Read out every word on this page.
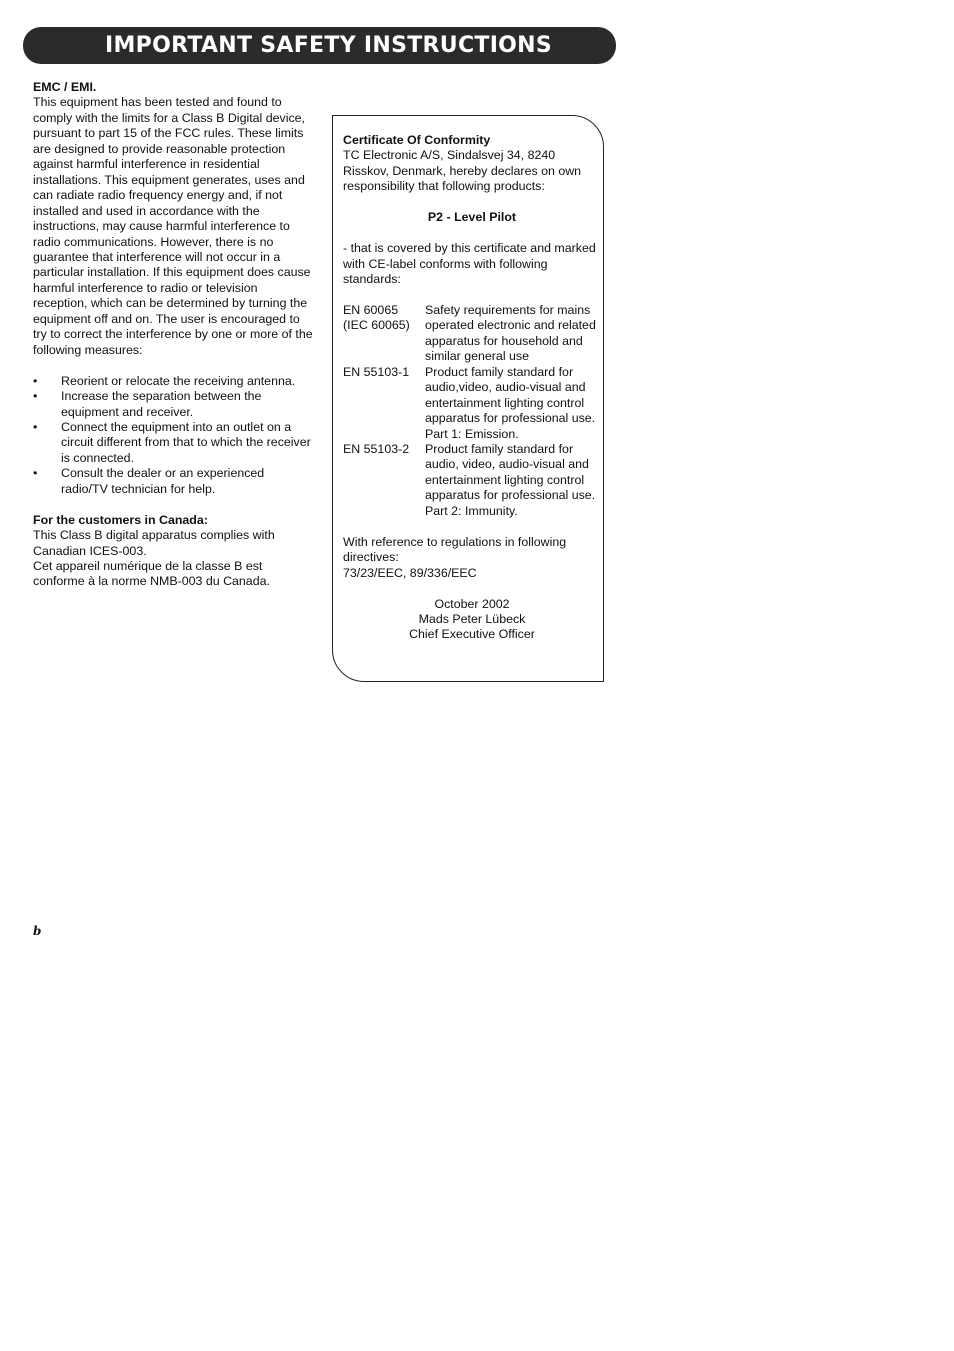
IMPORTANT SAFETY INSTRUCTIONS

EMC / EMI.

This equipment has been tested and found to comply with the limits for a Class B Digital device, pursuant to part 15 of the FCC rules. These limits are designed to provide reasonable protection against harmful interference in residential installations. This equipment generates, uses and can radiate radio frequency energy and, if not installed and used in accordance with the instructions, may cause harmful interference to radio communications. However, there is no guarantee that interference will not occur in a particular installation. If this equipment does cause harmful interference to radio or television reception, which can be determined by turning the equipment off and on. The user is encouraged to try to correct the interference by one or more of the following measures:

• Reorient or relocate the receiving antenna.
• Increase the separation between the equipment and receiver.
• Connect the equipment into an outlet on a circuit different from that to which the receiver is connected.
• Consult the dealer or an experienced radio/TV technician for help.

For the customers in Canada:

This Class B digital apparatus complies with Canadian ICES-003.

Cet appareil numérique de la classe B est conforme à la norme NMB-003 du Canada.

Certificate Of Conformity

TC Electronic A/S, Sindalsvej 34, 8240 Risskov, Denmark, hereby declares on own responsibility that following products:

P2 - Level Pilot

- that is covered by this certificate and marked with CE-label conforms with following standards:

EN 60065
(IEC 60065)
Safety requirements for mains operated electronic and related apparatus for household and similar general use
EN 55103-1	Product family standard for audio,video, audio-visual and entertainment lighting control apparatus for professional use. Part 1: Emission.
EN 55103-2	Product family standard for audio, video, audio-visual and entertainment lighting control apparatus for professional use. Part 2: Immunity.

With reference to regulations in following directives:

73/23/EEC, 89/336/EEC

October 2002

Mads Peter Lübeck

Chief Executive Officer

b
